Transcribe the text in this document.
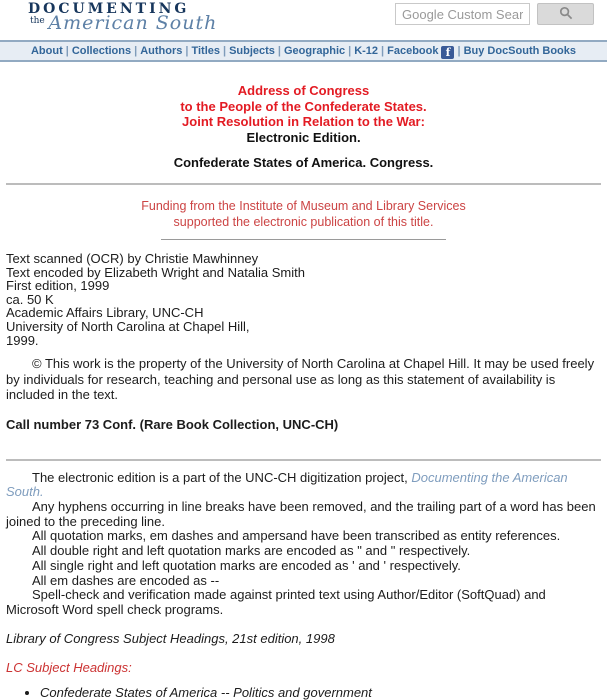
DOCUMENTING
$^{the}$ American South
Google Custom Search
About | Collections | Authors | Titles | Subjects | Geographic | K-12 | Facebook f | Buy DocSouth Books
Address of Congress
to the People of the Confederate States.
Joint Resolution in Relation to the War:
Electronic Edition.
Confederate States of America. Congress.
Funding from the Institute of Museum and Library Services
supported the electronic publication of this title.
Text scanned (OCR) by Christie Mawhinney
Text encoded by Elizabeth Wright and Natalia Smith
First edition, 1999
ca. 50 K
Academic Affairs Library, UNC-CH
University of North Carolina at Chapel Hill,
1999.
© This work is the property of the University of North Carolina at Chapel Hill. It may be used freely by individuals for research, teaching and personal use as long as this statement of availability is included in the text.
Call number 73 Conf. (Rare Book Collection, UNC-CH)

The electronic edition is a part of the UNC-CH digitization project, Documenting the American South.

Any hyphens occurring in line breaks have been removed, and the trailing part of a word has been joined to the preceding line.

All quotation marks, em dashes and ampersand have been transcribed as entity references.

All double right and left quotation marks are encoded as " and " respectively.

All single right and left quotation marks are encoded as ' and ' respectively.

All em dashes are encoded as --

Spell-check and verification made against printed text using Author/Editor (SoftQuad) and Microsoft Word spell check programs.

Library of Congress Subject Headings, 21st edition, 1998
LC Subject Headings:
• Confederate States of America -- Politics and government
